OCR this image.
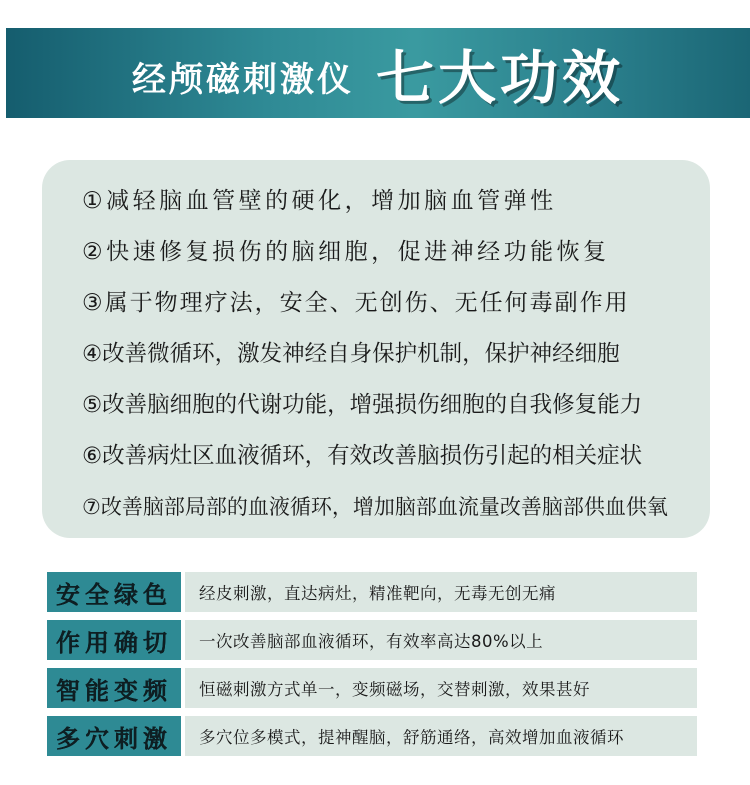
经颅磁刺激仪 七大功效
①减轻脑血管壁的硬化，增加脑血管弹性
②快速修复损伤的脑细胞，促进神经功能恢复
③属于物理疗法，安全、无创伤、无任何毒副作用
④改善微循环，激发神经自身保护机制，保护神经细胞
⑤改善脑细胞的代谢功能，增强损伤细胞的自我修复能力
⑥改善病灶区血液循环，有效改善脑损伤引起的相关症状
⑦改善脑部局部的血液循环，增加脑部血流量改善脑部供血供氧
安全绿色	经皮刺激，直达病灶，精准靶向，无毒无创无痛
作用确切	一次改善脑部血液循环，有效率高达80%以上
智能变频	恒磁刺激方式单一，变频磁场，交替刺激，效果甚好
多穴刺激	多穴位多模式，提神醒脑，舒筋通络，高效增加血液循环
